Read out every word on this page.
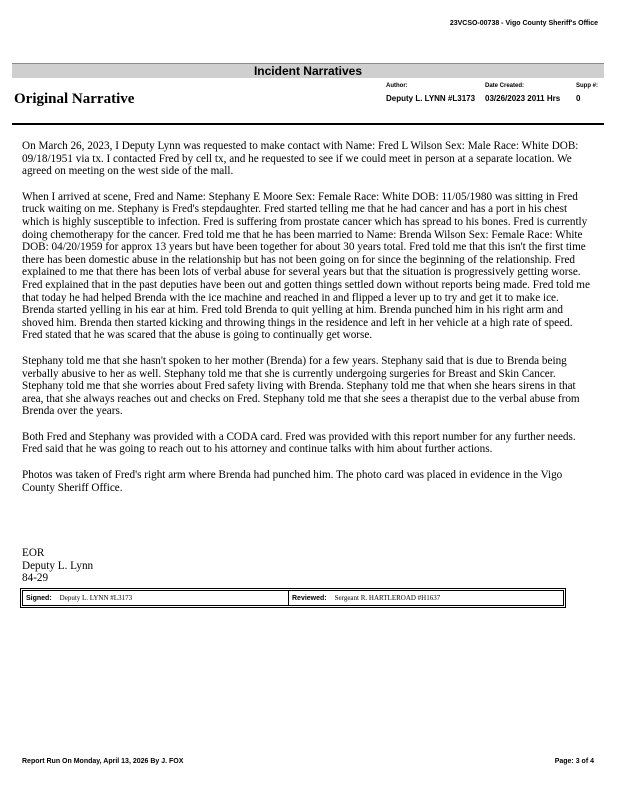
23VCSO-00738 - Vigo County Sheriff's Office
Incident Narratives
Original Narrative
Author:
Deputy L. LYNN #L3173
Date Created:
03/26/2023 2011 Hrs
Supp #:
0

On March 26, 2023, I Deputy Lynn was requested to make contact with Name: Fred L Wilson Sex: Male Race: White DOB: 09/18/1951 via tx. I contacted Fred by cell tx, and he requested to see if we could meet in person at a separate location. We agreed on meeting on the west side of the mall.

When I arrived at scene, Fred and Name: Stephany E Moore Sex: Female Race: White DOB: 11/05/1980 was sitting in Fred truck waiting on me. Stephany is Fred's stepdaughter. Fred started telling me that he had cancer and has a port in his chest which is highly susceptible to infection. Fred is suffering from prostate cancer which has spread to his bones. Fred is currently doing chemotherapy for the cancer. Fred told me that he has been married to Name: Brenda Wilson Sex: Female Race: White DOB: 04/20/1959 for approx 13 years but have been together for about 30 years total. Fred told me that this isn't the first time there has been domestic abuse in the relationship but has not been going on for since the beginning of the relationship. Fred explained to me that there has been lots of verbal abuse for several years but that the situation is progressively getting worse. Fred explained that in the past deputies have been out and gotten things settled down without reports being made. Fred told me that today he had helped Brenda with the ice machine and reached in and flipped a lever up to try and get it to make ice. Brenda started yelling in his ear at him. Fred told Brenda to quit yelling at him. Brenda punched him in his right arm and shoved him. Brenda then started kicking and throwing things in the residence and left in her vehicle at a high rate of speed. Fred stated that he was scared that the abuse is going to continually get worse.

Stephany told me that she hasn't spoken to her mother (Brenda) for a few years. Stephany said that is due to Brenda being verbally abusive to her as well. Stephany told me that she is currently undergoing surgeries for Breast and Skin Cancer. Stephany told me that she worries about Fred safety living with Brenda. Stephany told me that when she hears sirens in that area, that she always reaches out and checks on Fred. Stephany told me that she sees a therapist due to the verbal abuse from Brenda over the years.

Both Fred and Stephany was provided with a CODA card. Fred was provided with this report number for any further needs. Fred said that he was going to reach out to his attorney and continue talks with him about further actions.

Photos was taken of Fred's right arm where Brenda had punched him. The photo card was placed in evidence in the Vigo County Sheriff Office.

EOR
Deputy L. Lynn
84-29
Signed: Deputy L. LYNN #L3173	Reviewed: Sergeant R. HARTLEROAD #H1637
Report Run On Monday, April 13, 2026 By J. FOX	Page: 3 of 4
